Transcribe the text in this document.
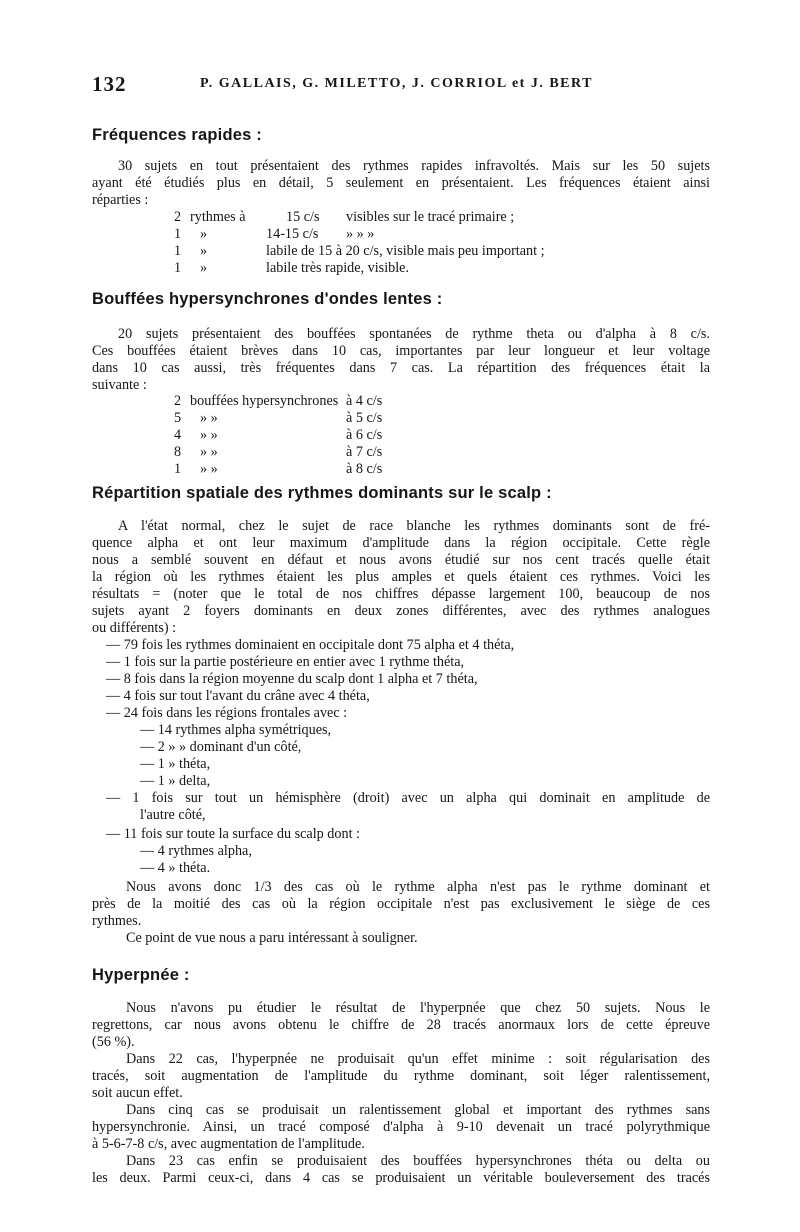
132	P. GALLAIS, G. MILETTO, J. CORRIOL et J. BERT
Fréquences rapides :
30 sujets en tout présentaient des rythmes rapides infravoltés. Mais sur les 50 sujets
ayant été étudiés plus en détail, 5 seulement en présentaient. Les fréquences étaient ainsi
réparties :
2 rythmes à	15 c/s visibles sur le tracé primaire ;
1 »	14-15 c/s » » »
1 »	labile de 15 à 20 c/s, visible mais peu important ;
1 »	labile très rapide, visible.
Bouffées hypersynchrones d'ondes lentes :
20 sujets présentaient des bouffées spontanées de rythme theta ou d'alpha à 8 c/s.
Ces bouffées étaient brèves dans 10 cas, importantes par leur longueur et leur voltage
dans 10 cas aussi, très fréquentes dans 7 cas. La répartition des fréquences était la
suivante :
2 bouffées hypersynchrones à 4 c/s
5 » »	à 5 c/s
4 » »	à 6 c/s
8 » »	à 7 c/s
1 » »	à 8 c/s
Répartition spatiale des rythmes dominants sur le scalp :
A l'état normal, chez le sujet de race blanche les rythmes dominants sont de fré-
quence alpha et ont leur maximum d'amplitude dans la région occipitale. Cette règle
nous a semblé souvent en défaut et nous avons étudié sur nos cent tracés quelle était
la région où les rythmes étaient les plus amples et quels étaient ces rythmes. Voici les
résultats = (noter que le total de nos chiffres dépasse largement 100, beaucoup de nos
sujets ayant 2 foyers dominants en deux zones différentes, avec des rythmes analogues
ou différents) :
— 79 fois les rythmes dominaient en occipitale dont 75 alpha et 4 théta,
— 1 fois sur la partie postérieure en entier avec 1 rythme théta,
— 8 fois dans la région moyenne du scalp dont 1 alpha et 7 théta,
— 4 fois sur tout l'avant du crâne avec 4 théta,
— 24 fois dans les régions frontales avec :
— 14 rythmes alpha symétriques,
— 2 » » dominant d'un côté,
— 1 » théta,
— 1 » delta,
— 1 fois sur tout un hémisphère (droit) avec un alpha qui dominait en amplitude de
l'autre côté,
— 11 fois sur toute la surface du scalp dont :
— 4 rythmes alpha,
— 4 » théta.
Nous avons donc 1/3 des cas où le rythme alpha n'est pas le rythme dominant et
près de la moitié des cas où la région occipitale n'est pas exclusivement le siège de ces
rythmes.
Ce point de vue nous a paru intéressant à souligner.
Hyperpnée :
Nous n'avons pu étudier le résultat de l'hyperpnée que chez 50 sujets. Nous le
regrettons, car nous avons obtenu le chiffre de 28 tracés anormaux lors de cette épreuve
(56 %).
Dans 22 cas, l'hyperpnée ne produisait qu'un effet minime : soit régularisation des
tracés, soit augmentation de l'amplitude du rythme dominant, soit léger ralentissement,
soit aucun effet.
Dans cinq cas se produisait un ralentissement global et important des rythmes sans
hypersynchronie. Ainsi, un tracé composé d'alpha à 9-10 devenait un tracé polyrythmique
à 5-6-7-8 c/s, avec augmentation de l'amplitude.
Dans 23 cas enfin se produisaient des bouffées hypersynchrones théta ou delta ou
les deux. Parmi ceux-ci, dans 4 cas se produisaient un véritable bouleversement des tracés
